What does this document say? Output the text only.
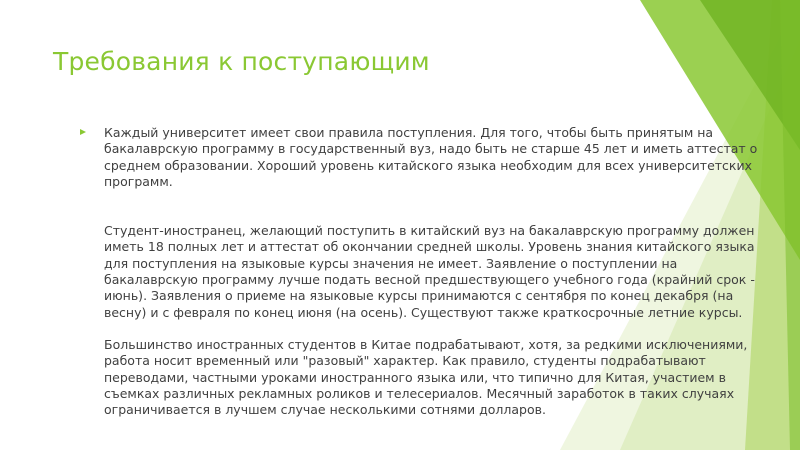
Требования к поступающим

Каждый университет имеет свои правила поступления. Для того, чтобы быть принятым на бакалаврскую программу в государственный вуз, надо быть не старше 45 лет и иметь аттестат о среднем образовании. Хороший уровень китайского языка необходим для всех университетских программ.

Студент-иностранец, желающий поступить в китайский вуз на бакалаврскую программу должен иметь 18 полных лет и аттестат об окончании средней школы. Уровень знания китайского языка для поступления на языковые курсы значения не имеет. Заявление о поступлении на бакалаврскую программу лучше подать весной предшествующего учебного года (крайний срок - июнь). Заявления о приеме на языковые курсы принимаются с сентября по конец декабря (на весну) и с февраля по конец июня (на осень). Существуют также краткосрочные летние курсы.

Большинство иностранных студентов в Китае подрабатывают, хотя, за редкими исключениями, работа носит временный или "разовый" характер. Как правило, студенты подрабатывают переводами, частными уроками иностранного языка или, что типично для Китая, участием в съемках различных рекламных роликов и телесериалов. Месячный заработок в таких случаях ограничивается в лучшем случае несколькими сотнями долларов.
